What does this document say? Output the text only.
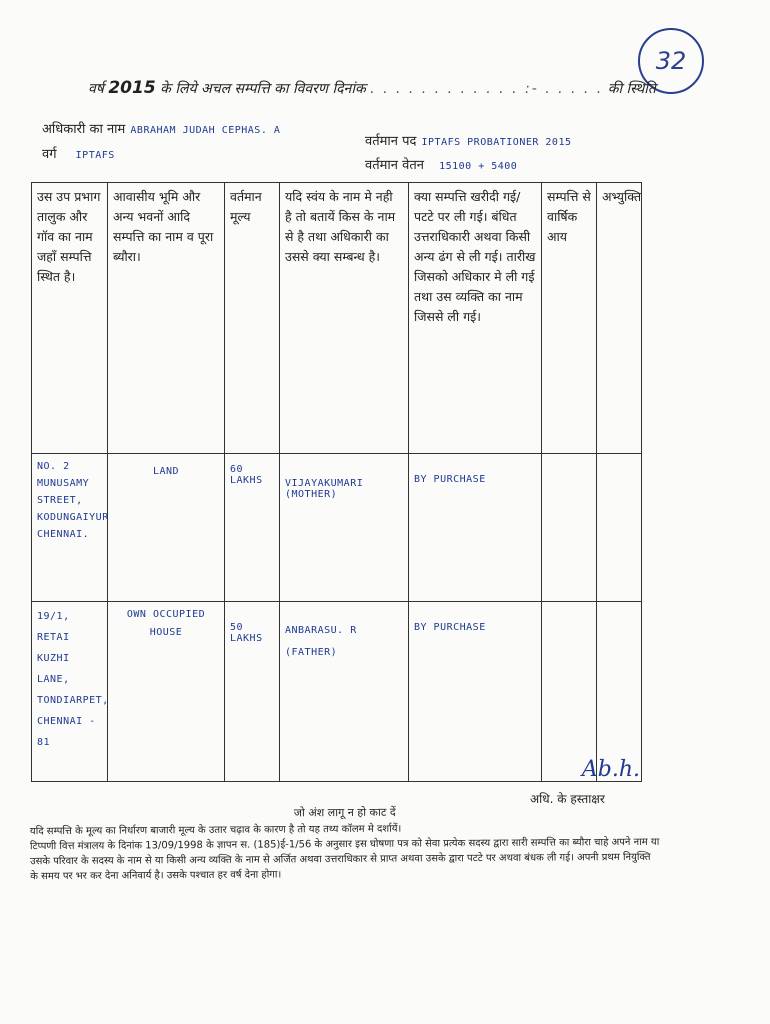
32
वर्ष 2015 के लिये अचल सम्पत्ति का विवरण दिनांक . . . . . . . . . . . . :- . . . . . की स्थिति
अधिकारी का नाम ABRAHAM JUDAH CEPHAS. A
वर्ग IPTAFS
वर्तमान पद IPTAFS PROBATIONER 2015
वर्तमान वेतन 15100 + 5400
उस उप प्रभाग तालुक और गॉव का नाम जहाँ सम्पत्ति स्थित है।	आवासीय भूमि और अन्य भवनों आदि सम्पत्ति का नाम व पूरा ब्यौरा।	वर्तमान मूल्य	यदि स्वंय के नाम मे नही है तो बतायें किस के नाम से है तथा अधिकारी का उससे क्या सम्बन्ध है।	क्या सम्पत्ति खरीदी गई/पटटे पर ली गई। बंधित उत्तराधिकारी अथवा किसी अन्य ढंग से ली गई। तारीख जिसको अधिकार मे ली गई तथा उस व्यक्ति का नाम जिससे ली गई।	सम्पत्ति से वार्षिक आय	अभ्युक्ति
NO. 2 MUNUSAMY STREET, KODUNGAIYUR CHENNAI.	LAND	60 LAKHS	VIJAYAKUMARI (MOTHER)	BY PURCHASE		
19/1, RETAI KUZHI LANE, TONDIARPET, CHENNAI - 81	OWN OCCUPIED HOUSE	50 LAKHS	ANBARASU. R (FATHER)	BY PURCHASE		
Ab.h.
अधि. के हस्ताक्षर

जो अंश लागू न हो काट दें

यदि सम्पत्ति के मूल्य का निर्धारण बाजारी मूल्य के उतार चढ़ाव के कारण है तो यह तथ्य कॉलम मे दर्शायें।

टिप्पणी वित्त मंत्रालय के दिनांक 13/09/1998 के ज्ञापन स. (185)ई-1/56 के अनुसार इस घोषणा पत्र को सेवा प्रत्येक सदस्य द्वारा सारी सम्पत्ति का ब्यौरा चाहे अपने नाम या उसके परिवार के सदस्य के नाम से या किसी अन्य व्यक्ति के नाम से अर्जित अथवा उत्तराधिकार से प्राप्त अथवा उसके द्वारा पटटे पर अथवा बंधक ली गई। अपनी प्रथम नियुक्ति के समय पर भर कर देना अनिवार्य है। उसके पश्चात हर वर्ष देना होगा।
